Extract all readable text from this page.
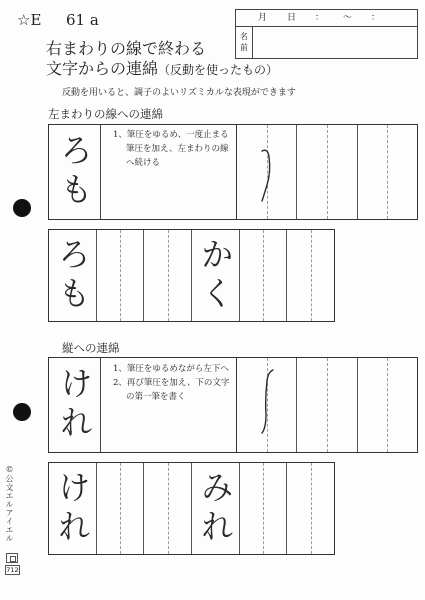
☆E 61 a	月 日 ： ～ ：
名
前
右まわりの線で終わる
文字からの連綿（反動を使ったもの）
反動を用いると、調子のよいリズミカルな表現ができます
左まわりの線への連綿
ろも 1、筆圧をゆるめ、一度止まる
筆圧を加え、左まわりの線
へ続ける
ろも	かく
縦への連綿
けれ 1、筆圧をゆるめながら左下へ
2、再び筆圧を加え、下の文字
の第一筆を書く
けれ	みれ
©公文エルアイエル
712
